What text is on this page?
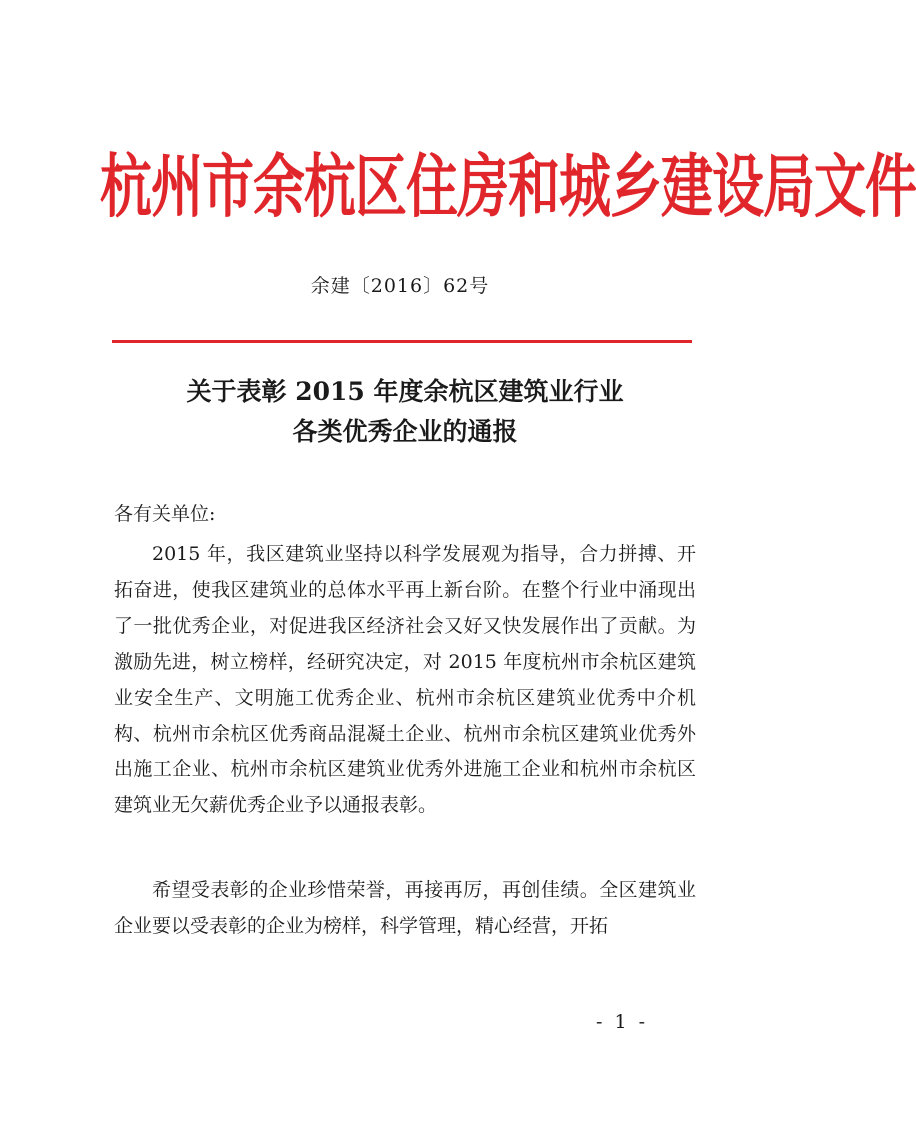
杭州市余杭区住房和城乡建设局文件
余建〔2016〕62号
关于表彰 2015 年度余杭区建筑业行业
各类优秀企业的通报
各有关单位:

2015 年，我区建筑业坚持以科学发展观为指导，合力拼搏、开拓奋进，使我区建筑业的总体水平再上新台阶。在整个行业中涌现出了一批优秀企业，对促进我区经济社会又好又快发展作出了贡献。为激励先进，树立榜样，经研究决定，对 2015 年度杭州市余杭区建筑业安全生产、文明施工优秀企业、杭州市余杭区建筑业优秀中介机构、杭州市余杭区优秀商品混凝土企业、杭州市余杭区建筑业优秀外出施工企业、杭州市余杭区建筑业优秀外进施工企业和杭州市余杭区建筑业无欠薪优秀企业予以通报表彰。

希望受表彰的企业珍惜荣誉，再接再厉，再创佳绩。全区建筑业企业要以受表彰的企业为榜样，科学管理，精心经营，开拓

- 1 -
